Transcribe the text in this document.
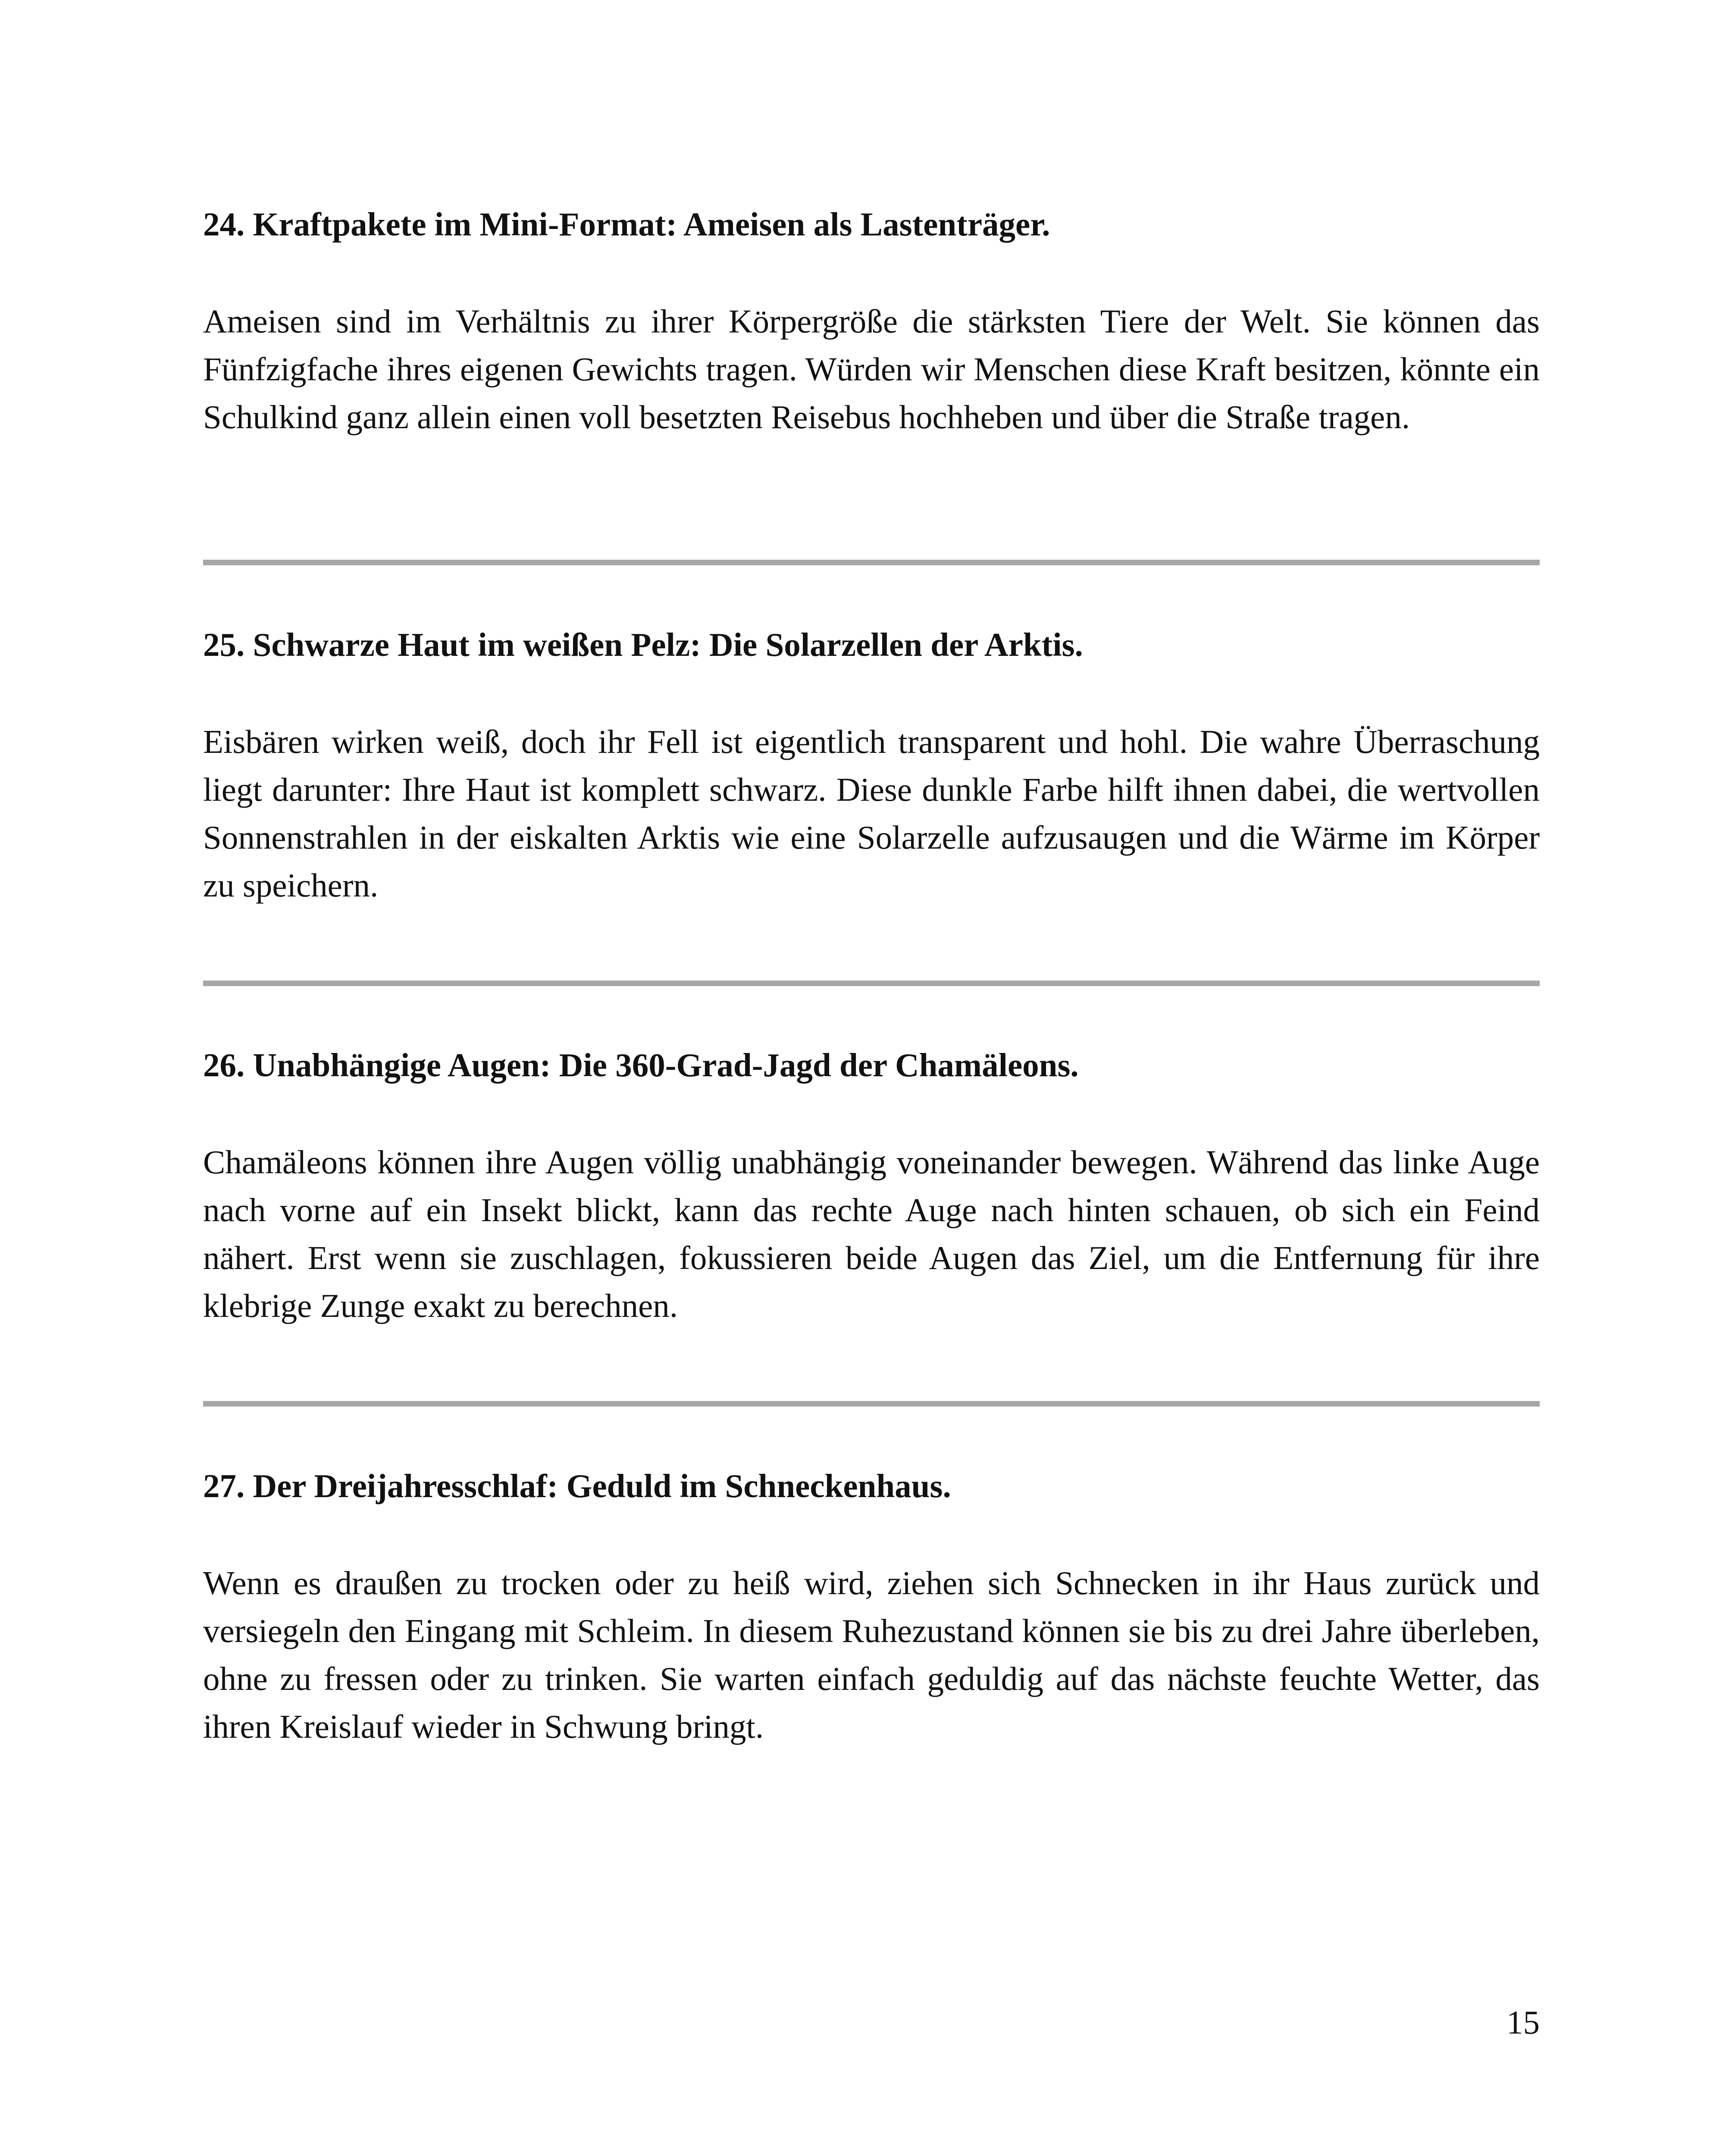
24. Kraftpakete im Mini-Format: Ameisen als Lastenträger.

Ameisen sind im Verhältnis zu ihrer Körpergröße die stärksten Tiere der Welt. Sie können das Fünfzigfache ihres eigenen Gewichts tragen. Würden wir Menschen diese Kraft besitzen, könnte ein Schulkind ganz allein einen voll besetzten Reisebus hochheben und über die Straße tragen.

25. Schwarze Haut im weißen Pelz: Die Solarzellen der Arktis.

Eisbären wirken weiß, doch ihr Fell ist eigentlich transparent und hohl. Die wahre Überraschung liegt darunter: Ihre Haut ist komplett schwarz. Diese dunkle Farbe hilft ihnen dabei, die wertvollen Sonnenstrahlen in der eiskalten Arktis wie eine Solarzelle aufzusaugen und die Wärme im Körper zu speichern.

26. Unabhängige Augen: Die 360-Grad-Jagd der Chamäleons.

Chamäleons können ihre Augen völlig unabhängig voneinander bewegen. Während das linke Auge nach vorne auf ein Insekt blickt, kann das rechte Auge nach hinten schauen, ob sich ein Feind nähert. Erst wenn sie zuschlagen, fokussieren beide Augen das Ziel, um die Entfernung für ihre klebrige Zunge exakt zu berechnen.

27. Der Dreijahresschlaf: Geduld im Schneckenhaus.

Wenn es draußen zu trocken oder zu heiß wird, ziehen sich Schnecken in ihr Haus zurück und versiegeln den Eingang mit Schleim. In diesem Ruhezustand können sie bis zu drei Jahre überleben, ohne zu fressen oder zu trinken. Sie warten einfach geduldig auf das nächste feuchte Wetter, das ihren Kreislauf wieder in Schwung bringt.

15
